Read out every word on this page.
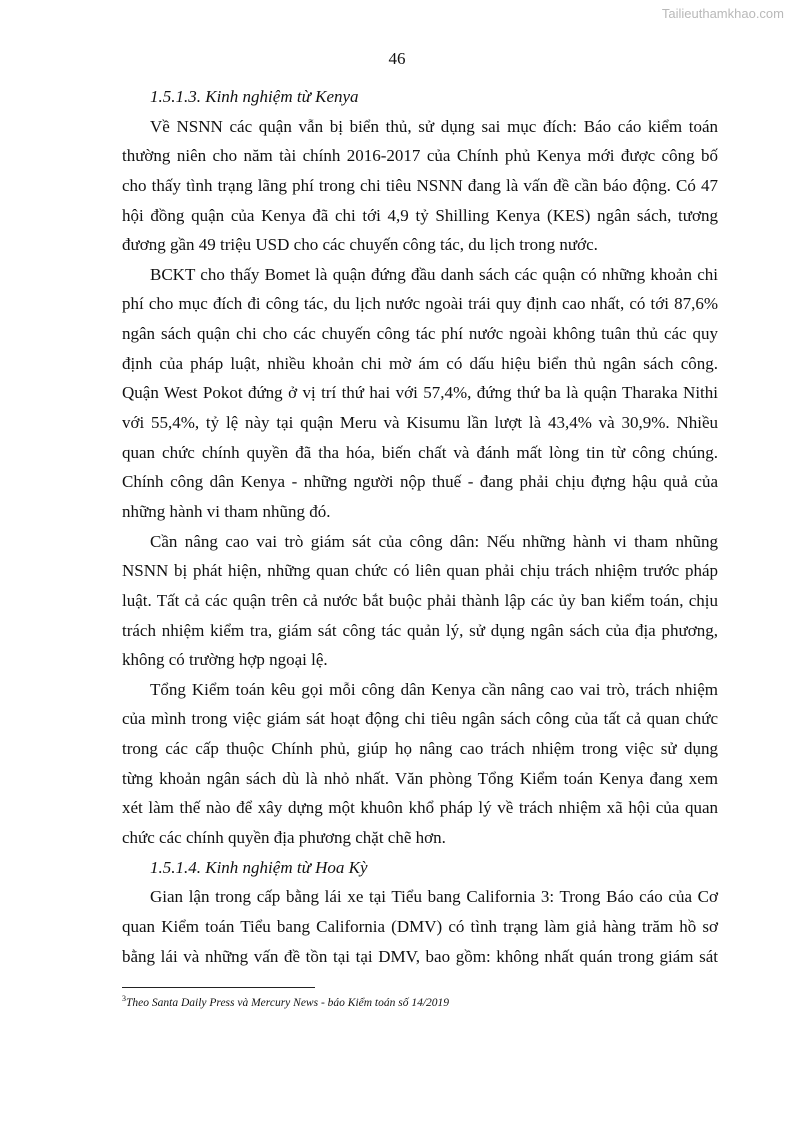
Tailieuthamkhao.com
46
1.5.1.3. Kinh nghiệm từ Kenya
Về NSNN các quận vẫn bị biển thủ, sử dụng sai mục đích: Báo cáo kiểm toán
thường niên cho năm tài chính 2016-2017 của Chính phủ Kenya mới được công bố
cho thấy tình trạng lãng phí trong chi tiêu NSNN đang là vấn đề cần báo động. Có 47
hội đồng quận của Kenya đã chi tới 4,9 tỷ Shilling Kenya (KES) ngân sách, tương
đương gần 49 triệu USD cho các chuyến công tác, du lịch trong nước.
BCKT cho thấy Bomet là quận đứng đầu danh sách các quận có những khoản chi
phí cho mục đích đi công tác, du lịch nước ngoài trái quy định cao nhất, có tới 87,6%
ngân sách quận chi cho các chuyến công tác phí nước ngoài không tuân thủ các quy
định của pháp luật, nhiều khoản chi mờ ám có dấu hiệu biển thủ ngân sách công.
Quận West Pokot đứng ở vị trí thứ hai với 57,4%, đứng thứ ba là quận Tharaka Nithi
với 55,4%, tỷ lệ này tại quận Meru và Kisumu lần lượt là 43,4% và 30,9%. Nhiều
quan chức chính quyền đã tha hóa, biến chất và đánh mất lòng tin từ công chúng.
Chính công dân Kenya - những người nộp thuế - đang phải chịu đựng hậu quả của
những hành vi tham nhũng đó.
Cần nâng cao vai trò giám sát của công dân: Nếu những hành vi tham nhũng
NSNN bị phát hiện, những quan chức có liên quan phải chịu trách nhiệm trước pháp
luật. Tất cả các quận trên cả nước bắt buộc phải thành lập các ủy ban kiểm toán, chịu
trách nhiệm kiểm tra, giám sát công tác quản lý, sử dụng ngân sách của địa phương,
không có trường hợp ngoại lệ.
Tổng Kiểm toán kêu gọi mỗi công dân Kenya cần nâng cao vai trò, trách nhiệm
của mình trong việc giám sát hoạt động chi tiêu ngân sách công của tất cả quan chức
trong các cấp thuộc Chính phủ, giúp họ nâng cao trách nhiệm trong việc sử dụng
từng khoản ngân sách dù là nhỏ nhất. Văn phòng Tổng Kiểm toán Kenya đang xem
xét làm thế nào để xây dựng một khuôn khổ pháp lý về trách nhiệm xã hội của quan
chức các chính quyền địa phương chặt chẽ hơn.
1.5.1.4. Kinh nghiệm từ Hoa Kỳ
Gian lận trong cấp bằng lái xe tại Tiểu bang California 3: Trong Báo cáo của Cơ
quan Kiểm toán Tiểu bang California (DMV) có tình trạng làm giả hàng trăm hồ sơ
bằng lái và những vấn đề tồn tại tại DMV, bao gồm: không nhất quán trong giám sát
$^3$Theo Santa Daily Press và Mercury News - báo Kiểm toán số 14/2019
